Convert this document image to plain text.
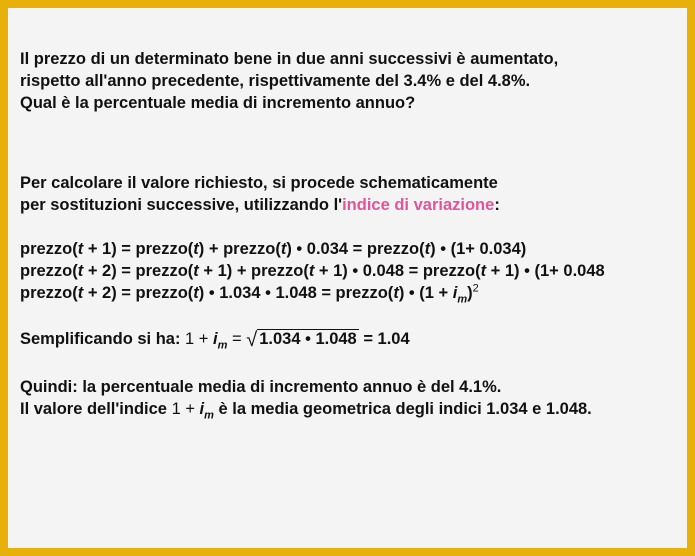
Il prezzo di un determinato bene in due anni successivi è aumentato,
rispetto all'anno precedente, rispettivamente del 3.4% e del 4.8%.
Qual è la percentuale media di incremento annuo?
Per calcolare il valore richiesto, si procede schematicamente
per sostituzioni successive, utilizzando l'indice di variazione:
prezzo(t + 1) = prezzo(t) + prezzo(t) • 0.034 = prezzo(t) • (1+ 0.034)
prezzo(t + 2) = prezzo(t + 1) + prezzo(t + 1) • 0.048 = prezzo(t + 1) • (1+ 0.048
prezzo(t + 2) = prezzo(t) • 1.034 • 1.048 = prezzo(t) • $(1 + i_m)^2$
Semplificando si ha: $1 + i_m$ = √ 1.034 • 1.048 = 1.04
Quindi: la percentuale media di incremento annuo è del 4.1%.
Il valore dell'indice $1 + i_m$ è la media geometrica degli indici 1.034 e 1.048.
